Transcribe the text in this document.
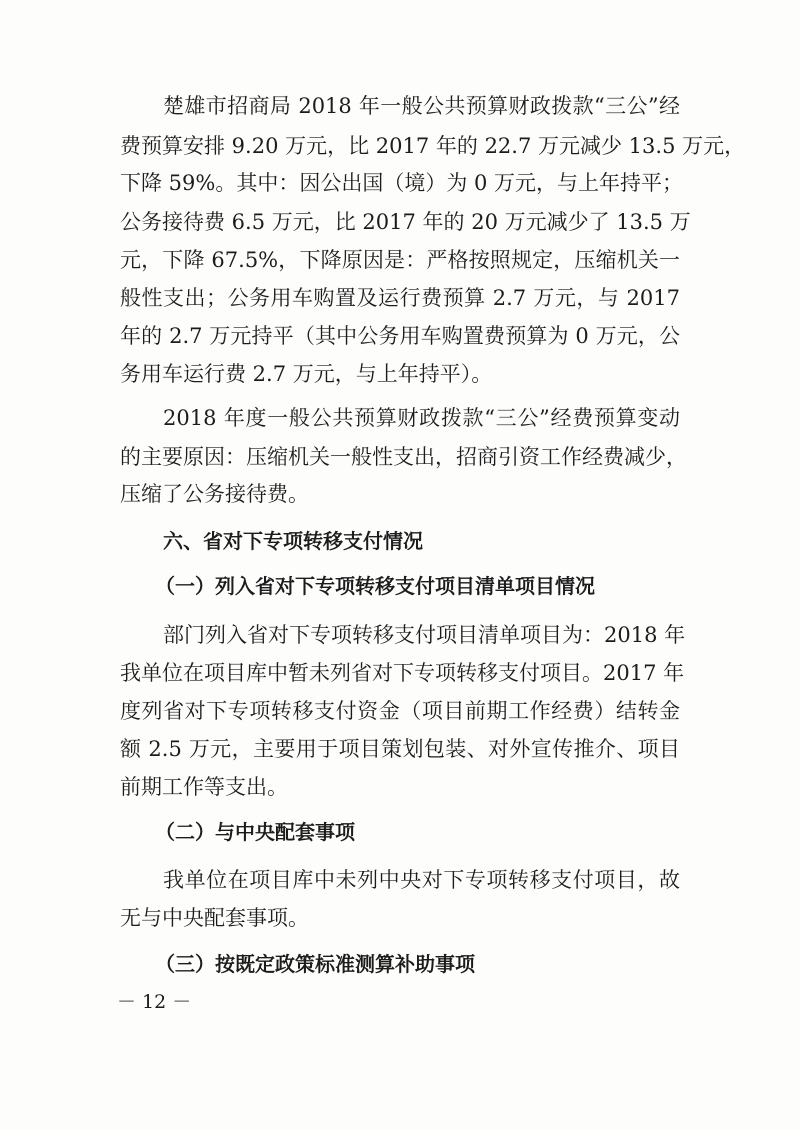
楚雄市招商局 2018 年一般公共预算财政拨款“三公”经
费预算安排 9.20 万元，比 2017 年的 22.7 万元减少 13.5 万元，
下降 59%。其中：因公出国（境）为 0 万元，与上年持平；
公务接待费 6.5 万元，比 2017 年的 20 万元减少了 13.5 万
元，下降 67.5%，下降原因是：严格按照规定，压缩机关一
般性支出；公务用车购置及运行费预算 2.7 万元，与 2017
年的 2.7 万元持平（其中公务用车购置费预算为 0 万元，公
务用车运行费 2.7 万元，与上年持平）。
2018 年度一般公共预算财政拨款“三公”经费预算变动
的主要原因：压缩机关一般性支出，招商引资工作经费减少，
压缩了公务接待费。
六、省对下专项转移支付情况
（一）列入省对下专项转移支付项目清单项目情况
部门列入省对下专项转移支付项目清单项目为：2018 年
我单位在项目库中暂未列省对下专项转移支付项目。2017 年
度列省对下专项转移支付资金（项目前期工作经费）结转金
额 2.5 万元，主要用于项目策划包装、对外宣传推介、项目
前期工作等支出。
（二）与中央配套事项
我单位在项目库中未列中央对下专项转移支付项目，故
无与中央配套事项。
（三）按既定政策标准测算补助事项
－ 12 －
